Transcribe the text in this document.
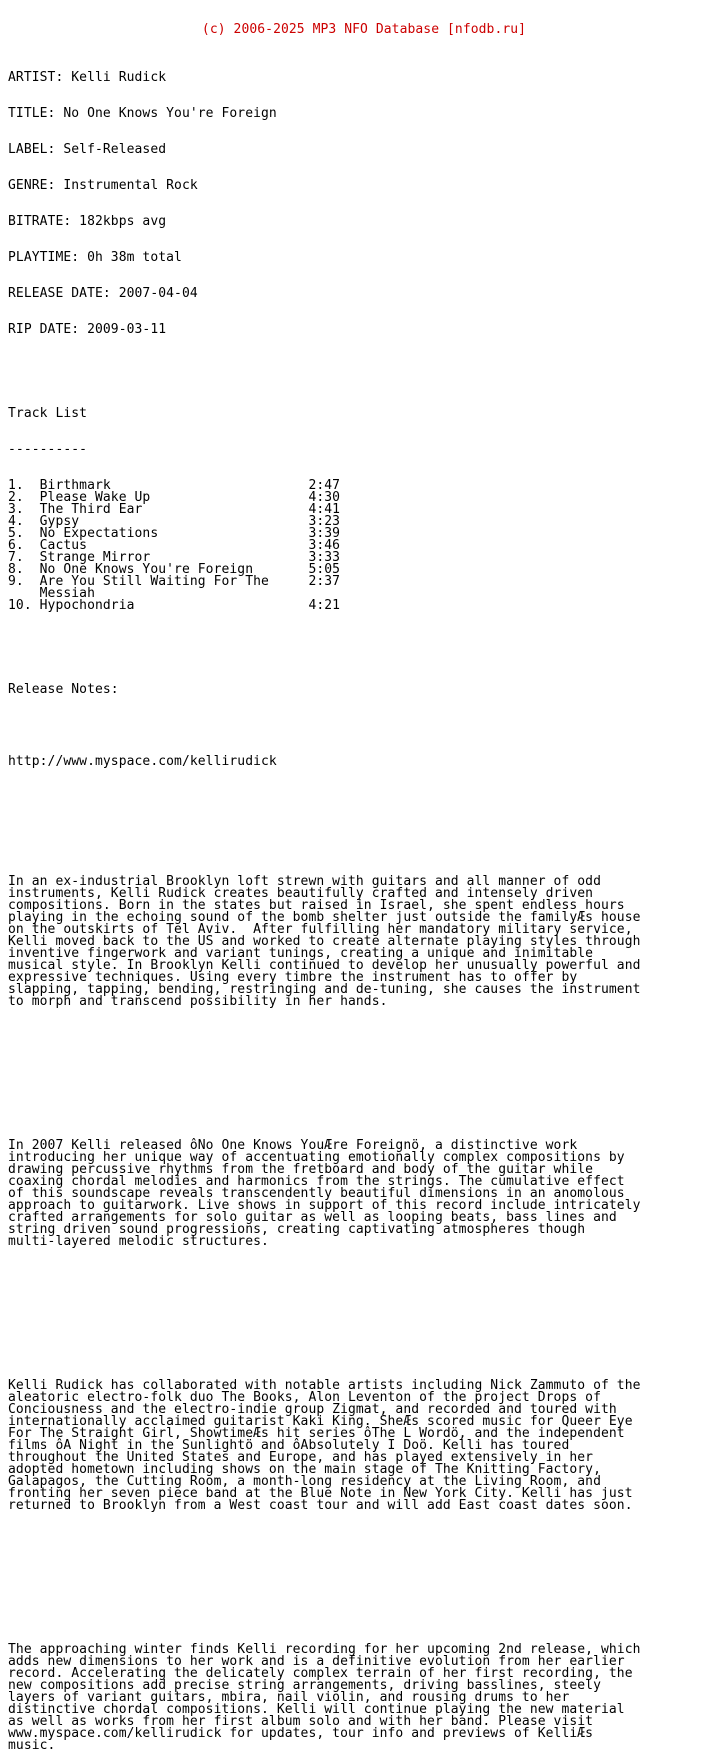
(c) 2006-2025 MP3 NFO Database [nfodb.ru]

ARTIST: Kelli Rudick

TITLE: No One Knows You're Foreign

LABEL: Self-Released

GENRE: Instrumental Rock

BITRATE: 182kbps avg

PLAYTIME: 0h 38m total

RELEASE DATE: 2007-04-04

RIP DATE: 2009-03-11

Track List

----------

1.  Birthmark                         2:47
2.  Please Wake Up                    4:30
3.  The Third Ear                     4:41
4.  Gypsy                             3:23
5.  No Expectations                   3:39
6.  Cactus                            3:46
7.  Strange Mirror                    3:33
8.  No One Knows You're Foreign       5:05
9.  Are You Still Waiting For The     2:37
Messiah
10. Hypochondria                      4:21

Release Notes:

http://www.myspace.com/kellirudick

In an ex-industrial Brooklyn loft strewn with guitars and all manner of odd
instruments, Kelli Rudick creates beautifully crafted and intensely driven
compositions. Born in the states but raised in Israel, she spent endless hours
playing in the echoing sound of the bomb shelter just outside the familyÆs house
on the outskirts of Tel Aviv.  After fulfilling her mandatory military service,
Kelli moved back to the US and worked to create alternate playing styles through
inventive fingerwork and variant tunings, creating a unique and inimitable
musical style. In Brooklyn Kelli continued to develop her unusually powerful and
expressive techniques. Using every timbre the instrument has to offer by
slapping, tapping, bending, restringing and de-tuning, she causes the instrument
to morph and transcend possibility in her hands.

In 2007 Kelli released ôNo One Knows YouÆre Foreignö, a distinctive work
introducing her unique way of accentuating emotionally complex compositions by
drawing percussive rhythms from the fretboard and body of the guitar while
coaxing chordal melodies and harmonics from the strings. The cumulative effect
of this soundscape reveals transcendently beautiful dimensions in an anomolous
approach to guitarwork. Live shows in support of this record include intricately
crafted arrangements for solo guitar as well as looping beats, bass lines and
string driven sound progressions, creating captivating atmospheres though
multi-layered melodic structures.

Kelli Rudick has collaborated with notable artists including Nick Zammuto of the
aleatoric electro-folk duo The Books, Alon Leventon of the project Drops of
Conciousness and the electro-indie group Zigmat, and recorded and toured with
internationally acclaimed guitarist Kaki King. SheÆs scored music for Queer Eye
For The Straight Girl, ShowtimeÆs hit series ôThe L Wordö, and the independent
films ôA Night in the Sunlightö and ôAbsolutely I Doö. Kelli has toured
throughout the United States and Europe, and has played extensively in her
adopted hometown including shows on the main stage of The Knitting Factory,
Galapagos, the Cutting Room, a month-long residency at the Living Room, and
fronting her seven piece band at the Blue Note in New York City. Kelli has just
returned to Brooklyn from a West coast tour and will add East coast dates soon.

The approaching winter finds Kelli recording for her upcoming 2nd release, which
adds new dimensions to her work and is a definitive evolution from her earlier
record. Accelerating the delicately complex terrain of her first recording, the
new compositions add precise string arrangements, driving basslines, steely
layers of variant guitars, mbira, nail violin, and rousing drums to her
distinctive chordal compositions. Kelli will continue playing the new material
as well as works from her first album solo and with her band. Please visit
www.myspace.com/kellirudick for updates, tour info and previews of KelliÆs
music.
